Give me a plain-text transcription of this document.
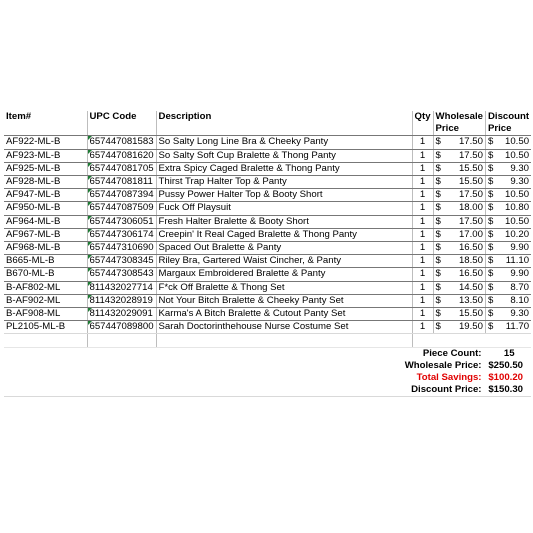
Item#	UPC Code	Description	Qty	Wholesale	Discount
				Price	Price
AF922-ML-B	657447081583	So Salty Long Line Bra & Cheeky Panty	1	$ 17.50	$ 10.50

AF923-ML-B	657447081620	So Salty Soft Cup Bralette & Thong Panty	1	$ 17.50	$ 10.50

AF925-ML-B	657447081705	Extra Spicy Caged Bralette & Thong Panty	1	$ 15.50	$ 9.30

AF928-ML-B	657447081811	Thirst Trap Halter Top & Panty	1	$ 15.50	$ 9.30

AF947-ML-B	657447087394	Pussy Power Halter Top & Booty Short	1	$ 17.50	$ 10.50

AF950-ML-B	657447087509	Fuck Off Playsuit	1	$ 18.00	$ 10.80

AF964-ML-B	657447306051	Fresh Halter Bralette & Booty Short	1	$ 17.50	$ 10.50

AF967-ML-B	657447306174	Creepin' It Real Caged Bralette & Thong Panty	1	$ 17.00	$ 10.20

AF968-ML-B	657447310690	Spaced Out Bralette & Panty	1	$ 16.50	$ 9.90

B665-ML-B	657447308345	Riley Bra, Gartered Waist Cincher, & Panty	1	$ 18.50	$ 11.10

B670-ML-B	657447308543	Margaux Embroidered Bralette & Panty	1	$ 16.50	$ 9.90

B-AF802-ML	811432027714	F*ck Off Bralette & Thong Set	1	$ 14.50	$ 8.70

B-AF902-ML	811432028919	Not Your Bitch Bralette & Cheeky Panty Set	1	$ 13.50	$ 8.10

B-AF908-ML	811432029091	Karma's A Bitch Bralette & Cutout Panty Set	1	$ 15.50	$ 9.30

PL2105-ML-B	657447089800	Sarah Doctorinthehouse Nurse Costume Set	1	$ 19.50	$ 11.70

Piece Count:					15
Wholesale Price:					$250.50
Total Savings:					$100.20
Discount Price:					$150.30
